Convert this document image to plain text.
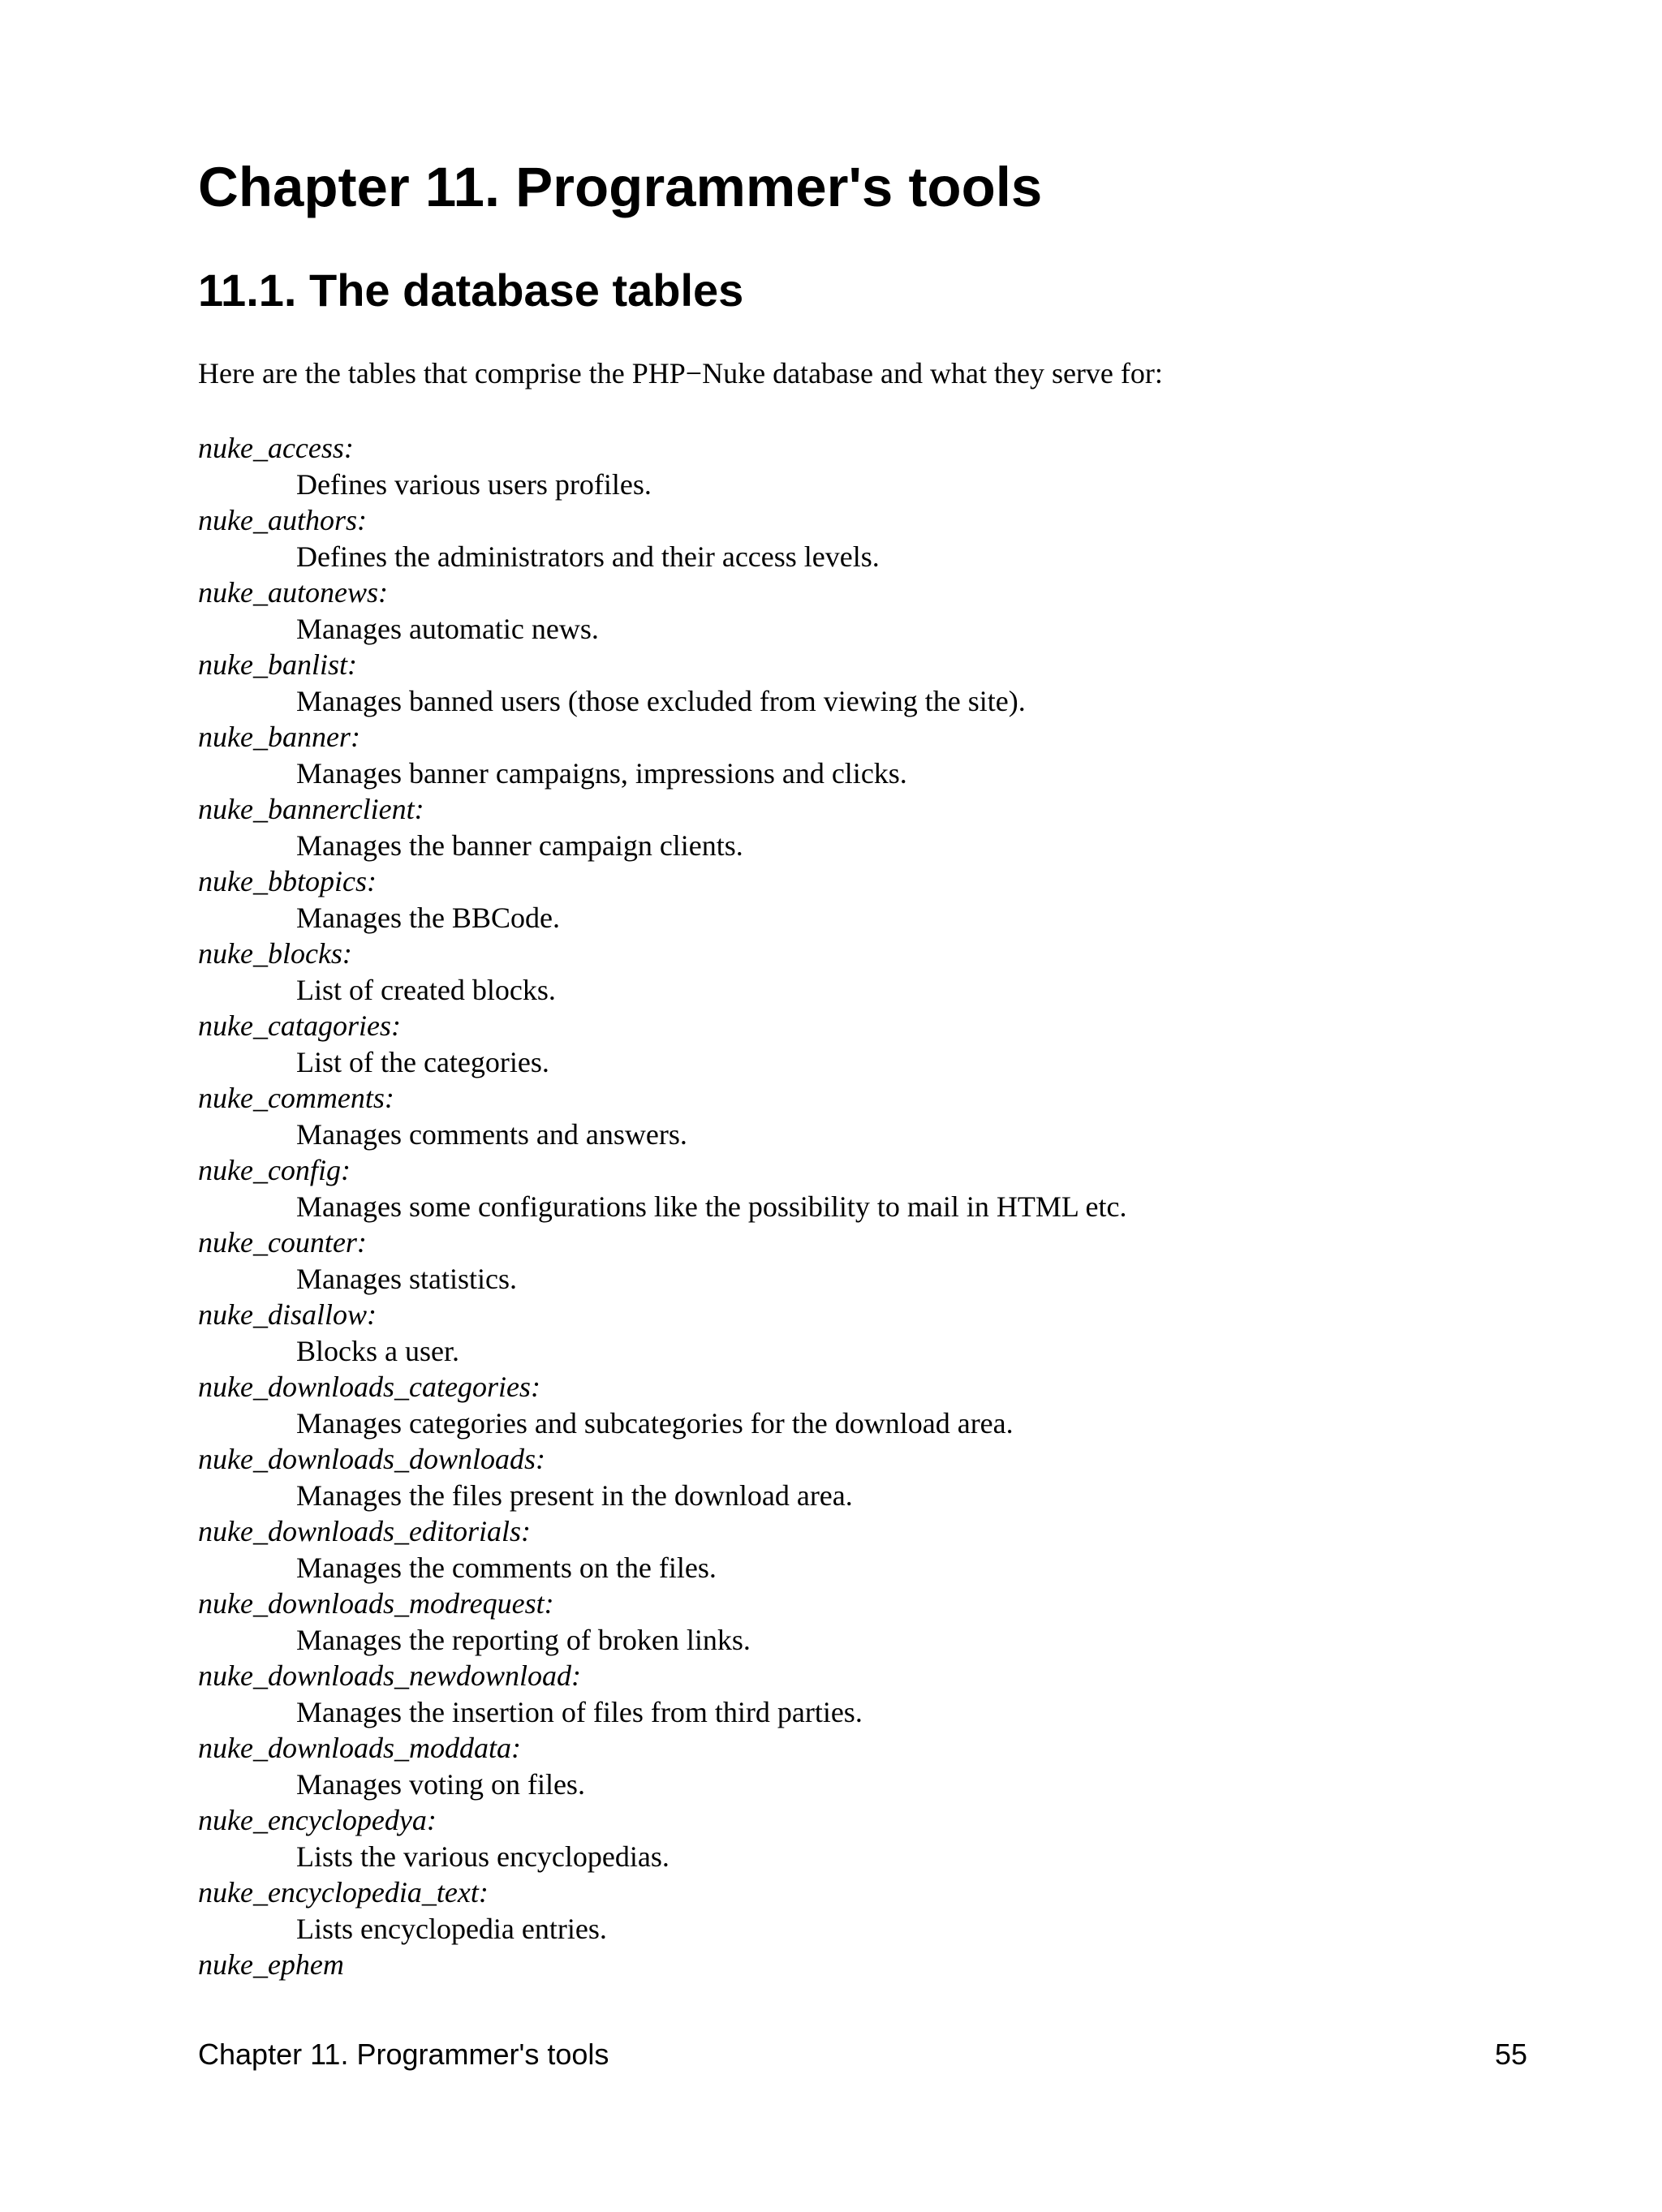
Chapter 11. Programmer's tools
11.1. The database tables

Here are the tables that comprise the PHP−Nuke database and what they serve for:

nuke_access:
Defines various users profiles.
nuke_authors:
Defines the administrators and their access levels.
nuke_autonews:
Manages automatic news.
nuke_banlist:
Manages banned users (those excluded from viewing the site).
nuke_banner:
Manages banner campaigns, impressions and clicks.
nuke_bannerclient:
Manages the banner campaign clients.
nuke_bbtopics:
Manages the BBCode.
nuke_blocks:
List of created blocks.
nuke_catagories:
List of the categories.
nuke_comments:
Manages comments and answers.
nuke_config:
Manages some configurations like the possibility to mail in HTML etc.
nuke_counter:
Manages statistics.
nuke_disallow:
Blocks a user.
nuke_downloads_categories:
Manages categories and subcategories for the download area.
nuke_downloads_downloads:
Manages the files present in the download area.
nuke_downloads_editorials:
Manages the comments on the files.
nuke_downloads_modrequest:
Manages the reporting of broken links.
nuke_downloads_newdownload:
Manages the insertion of files from third parties.
nuke_downloads_moddata:
Manages voting on files.
nuke_encyclopedya:
Lists the various encyclopedias.
nuke_encyclopedia_text:
Lists encyclopedia entries.
nuke_ephem
Chapter 11. Programmer's tools	55
